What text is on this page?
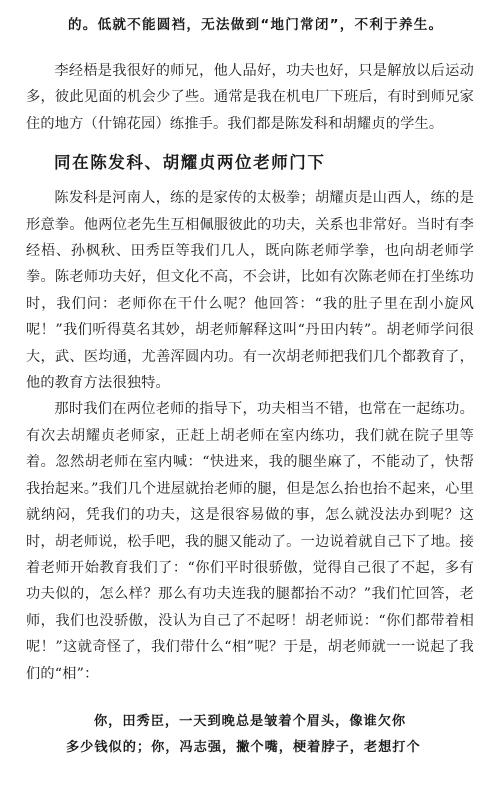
的。低就不能圆裆，无法做到“地门常闭”，不利于养生。

李经梧是我很好的师兄，他人品好，功夫也好，只是解放以后运动多，彼此见面的机会少了些。通常是我在机电厂下班后，有时到师兄家住的地方（什锦花园）练推手。我们都是陈发科和胡耀贞的学生。

同在陈发科、胡耀贞两位老师门下

陈发科是河南人，练的是家传的太极拳；胡耀贞是山西人，练的是形意拳。他两位老先生互相佩服彼此的功夫，关系也非常好。当时有李经梧、孙枫秋、田秀臣等我们几人，既向陈老师学拳，也向胡老师学拳。陈老师功夫好，但文化不高，不会讲，比如有次陈老师在打坐练功时，我们问：老师你在干什么呢？他回答：“我的肚子里在刮小旋风呢！”我们听得莫名其妙，胡老师解释这叫“丹田内转”。胡老师学问很大，武、医均通，尤善浑圆内功。有一次胡老师把我们几个都教育了，他的教育方法很独特。

那时我们在两位老师的指导下，功夫相当不错，也常在一起练功。有次去胡耀贞老师家，正赶上胡老师在室内练功，我们就在院子里等着。忽然胡老师在室内喊：“快进来，我的腿坐麻了，不能动了，快帮我抬起来。”我们几个进屋就抬老师的腿，但是怎么抬也抬不起来，心里就纳闷，凭我们的功夫，这是很容易做的事，怎么就没法办到呢？这时，胡老师说，松手吧，我的腿又能动了。一边说着就自己下了地。接着老师开始教育我们了：“你们平时很骄傲，觉得自己很了不起，多有功夫似的，怎么样？那么有功夫连我的腿都抬不动？”我们忙回答，老师，我们也没骄傲，没认为自己了不起呀！胡老师说：“你们都带着相呢！”这就奇怪了，我们带什么“相”呢？于是，胡老师就一一说起了我们的“相”：

你，田秀臣，一天到晚总是皱着个眉头，像谁欠你
多少钱似的；你，冯志强，撇个嘴，梗着脖子，老想打个
